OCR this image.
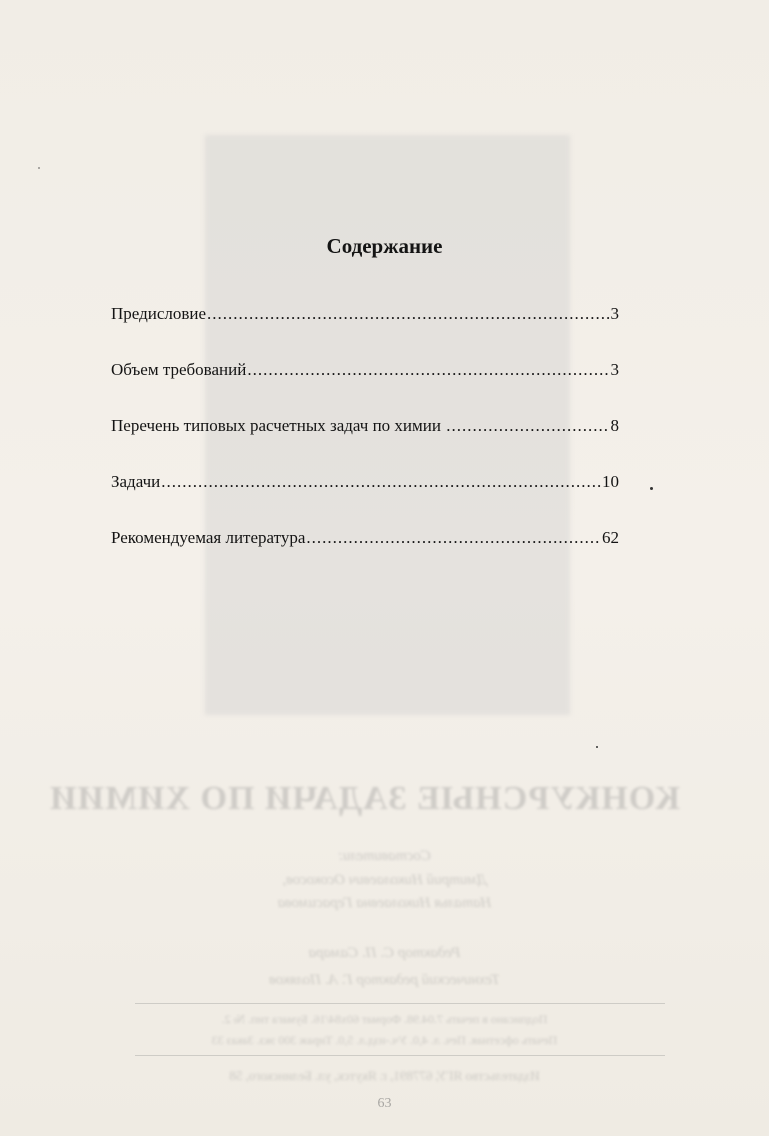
КОНКУРСНЫЕ ЗАДАЧИ ПО ХИМИИ
Составители:
Дмитрий Николаевич Осокосов,
Наталья Николаевна Герасимова
Редактор С. П. Самара
Технический редактор Г. А. Поляков
Подписано в печать 7.04.98. Формат 60х84/16. Бумага тип. № 2.
Печать офсетная. Печ. л. 4,0. Уч.-изд.л. 5,0. Тираж 300 экз. Заказ 33
Издательство ЯГУ, 677891, г. Якутск, ул. Белинского, 58
63
Содержание
Предисловие .....	3
Объем требований .....	3
Перечень типовых расчетных задач по химии .....	8
Задачи .....	10
Рекомендуемая литература .....	62
